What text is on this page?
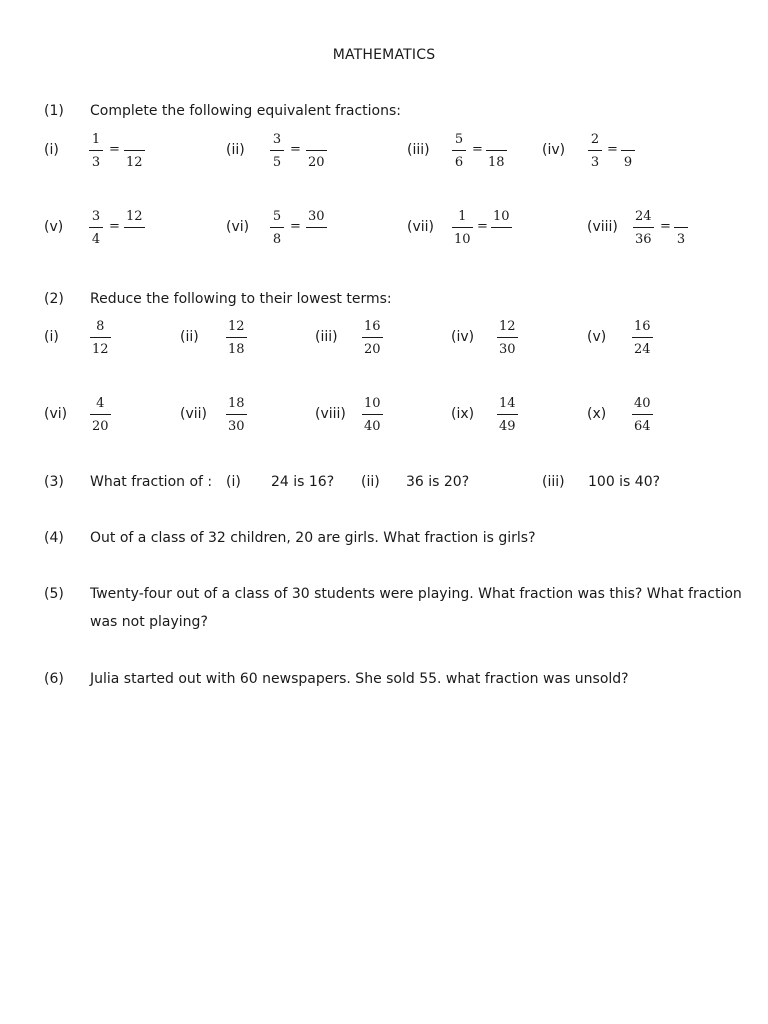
MATHEMATICS
(1) Complete the following equivalent fractions:
(i)
1
3
=
12
(ii)
3
5
=
20
(iii)
5
6
=
18
(iv)
2
3
=
9
(v)
3
4
=
12
(vi)
5
8
=
30
(vii)
1
10
=
10
(viii)
24
36
=
3
(2) Reduce the following to their lowest terms:
(i)
8
12
(ii)
12
18
(iii)
16
20
(iv)
12
30
(v)
16
24
(vi)
4
20
(vii)
18
30
(viii)
10
40
(ix)
14
49
(x)
40
64
(3) What fraction of : (i) 24 is 16? (ii) 36 is 20?	(iii) 100 is 40?
(4) Out of a class of 32 children, 20 are girls. What fraction is girls?
(5) Twenty-four out of a class of 30 students were playing. What fraction was this? What fraction
was not playing?
(6) Julia started out with 60 newspapers. She sold 55. what fraction was unsold?
